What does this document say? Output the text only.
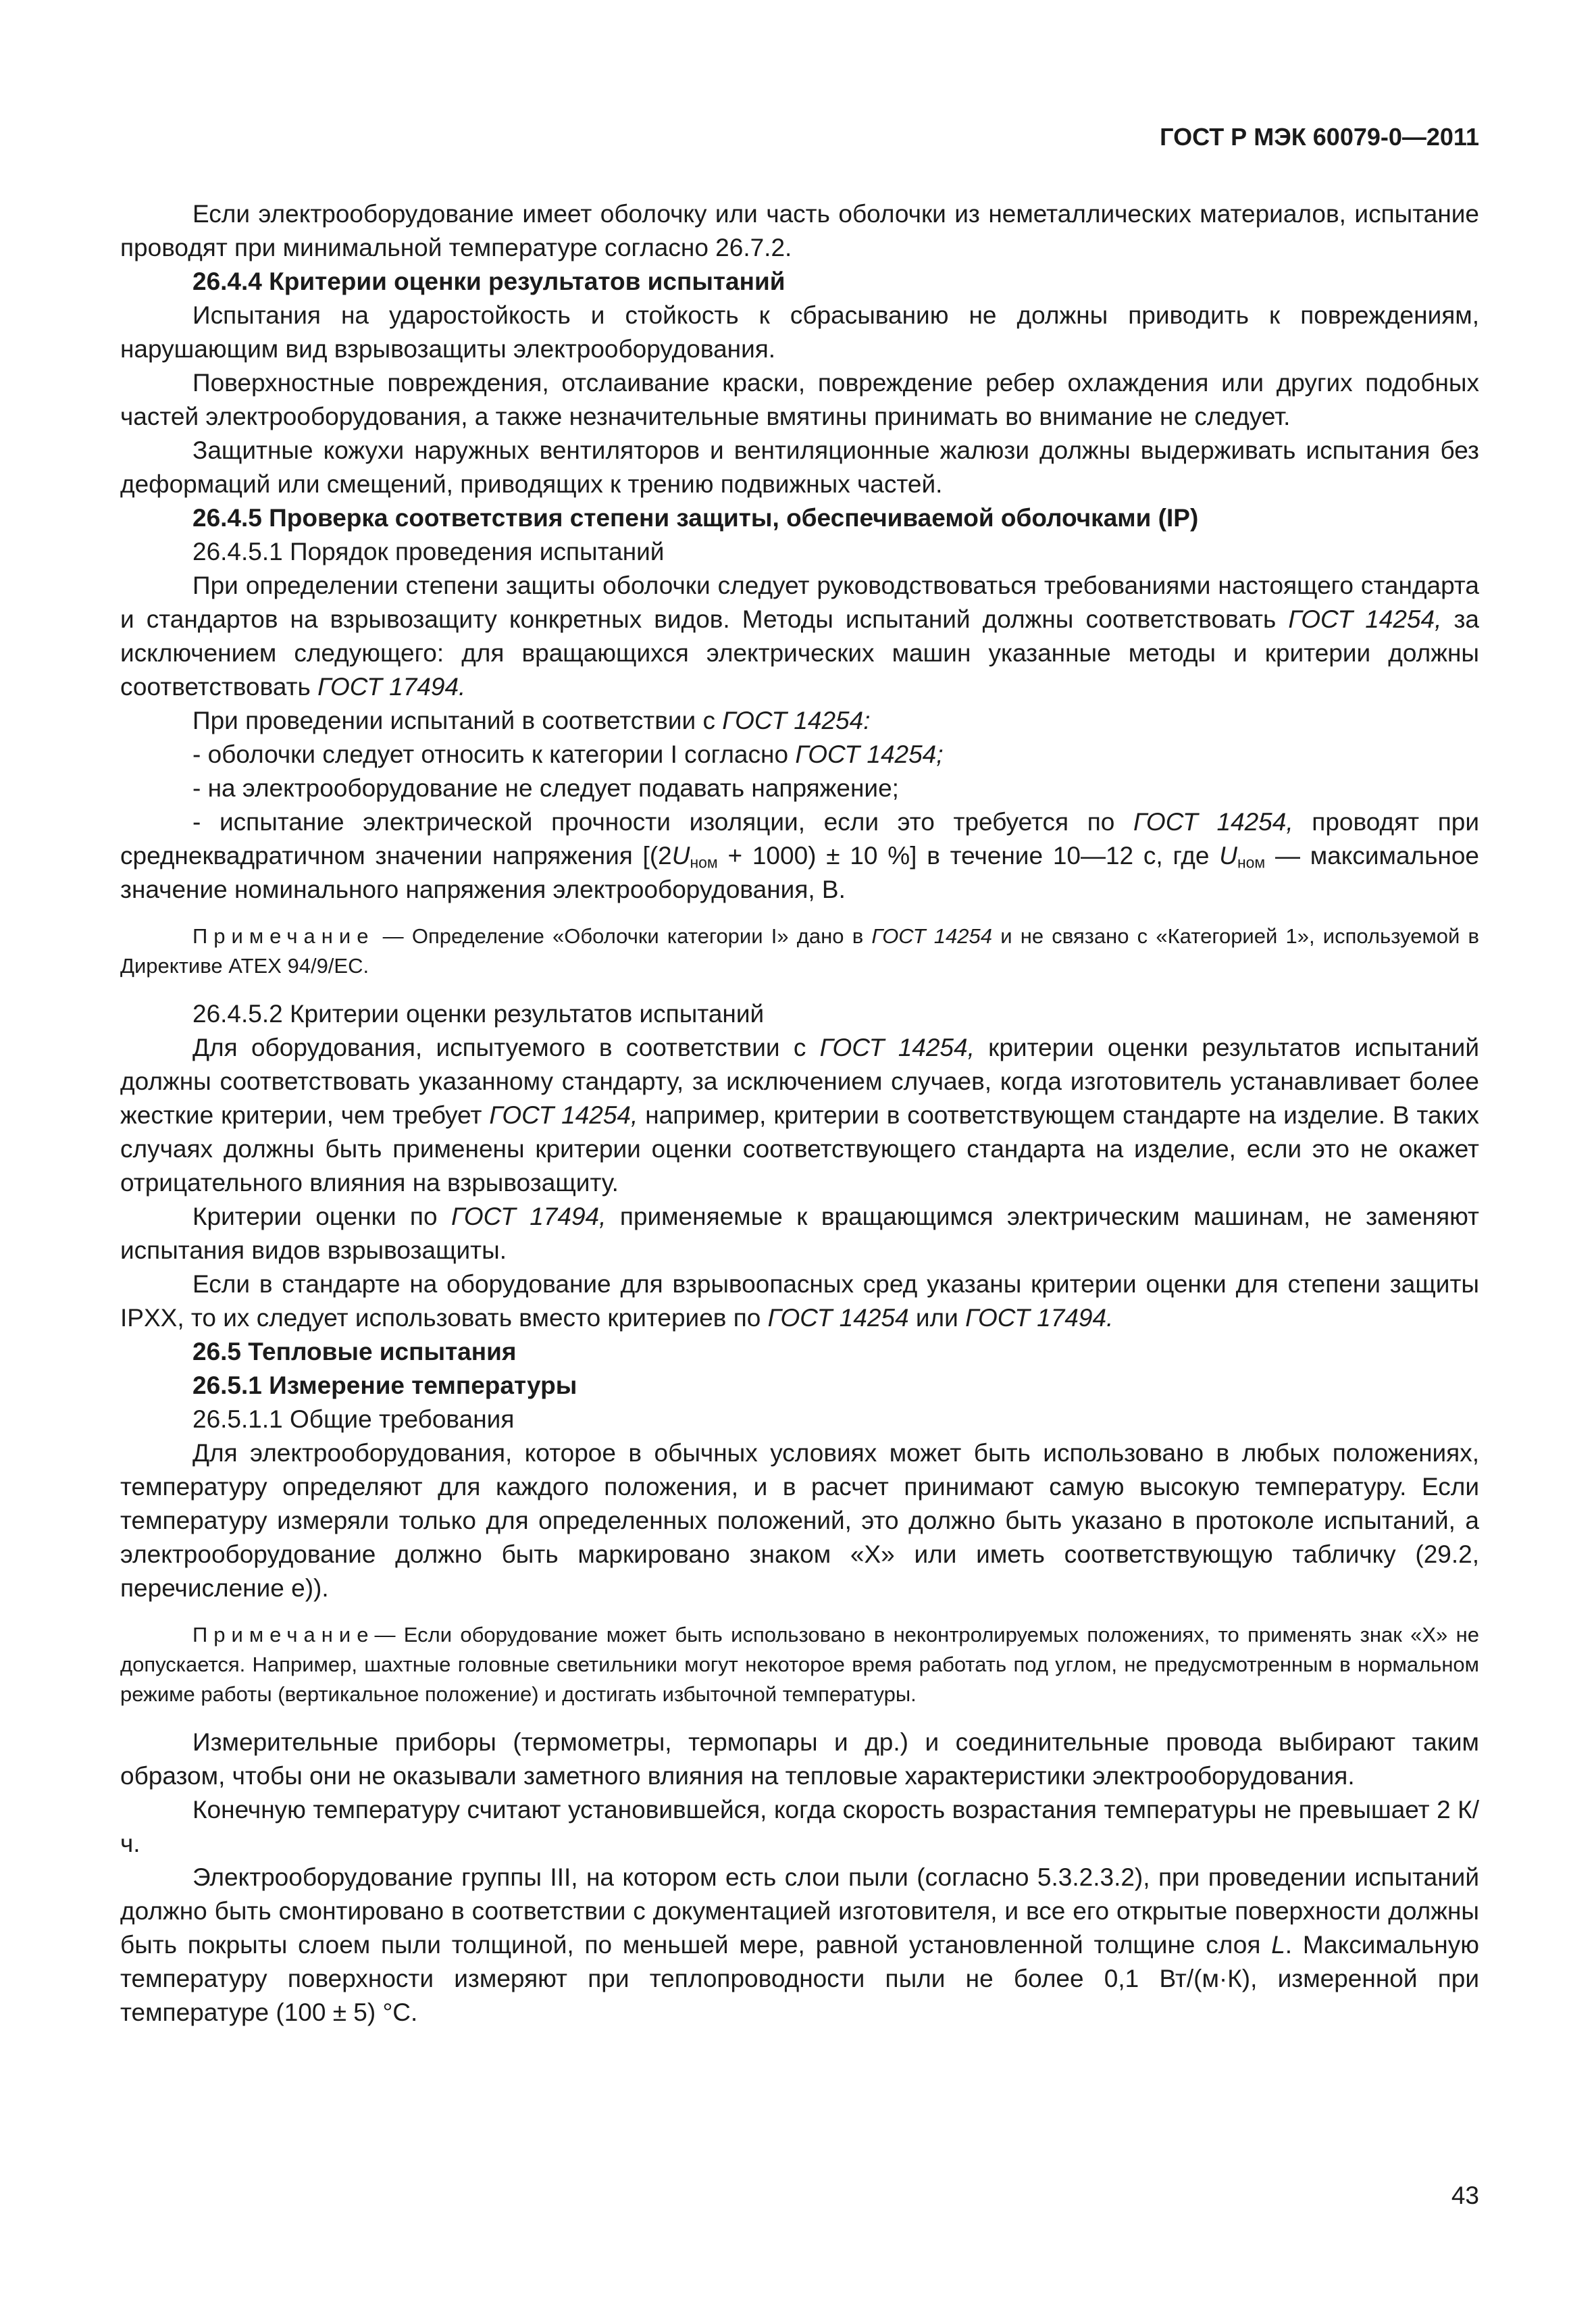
ГОСТ Р МЭК 60079-0—2011

Если электрооборудование имеет оболочку или часть оболочки из неметаллических материалов, испытание проводят при минимальной температуре согласно 26.7.2.

26.4.4 Критерии оценки результатов испытаний

Испытания на ударостойкость и стойкость к сбрасыванию не должны приводить к повреждениям, нарушающим вид взрывозащиты электрооборудования.

Поверхностные повреждения, отслаивание краски, повреждение ребер охлаждения или других подобных частей электрооборудования, а также незначительные вмятины принимать во внимание не следует.

Защитные кожухи наружных вентиляторов и вентиляционные жалюзи должны выдерживать испытания без деформаций или смещений, приводящих к трению подвижных частей.

26.4.5 Проверка соответствия степени защиты, обеспечиваемой оболочками (IP)

26.4.5.1 Порядок проведения испытаний

При определении степени защиты оболочки следует руководствоваться требованиями настоящего стандарта и стандартов на взрывозащиту конкретных видов. Методы испытаний должны соответствовать ГОСТ 14254, за исключением следующего: для вращающихся электрических машин указанные методы и критерии должны соответствовать ГОСТ 17494.

При проведении испытаний в соответствии с ГОСТ 14254:

- оболочки следует относить к категории I согласно ГОСТ 14254;

- на электрооборудование не следует подавать напряжение;

- испытание электрической прочности изоляции, если это требуется по ГОСТ 14254, проводят при среднеквадратичном значении напряжения [$(2U_{ном} + 1000) \pm 10$ %] в течение 10—12 с, где $U_{ном}$ — максимальное значение номинального напряжения электрооборудования, В.

Примечание — Определение «Оболочки категории I» дано в ГОСТ 14254 и не связано с «Категорией 1», используемой в Директиве ATEX 94/9/ЕС.

26.4.5.2 Критерии оценки результатов испытаний

Для оборудования, испытуемого в соответствии с ГОСТ 14254, критерии оценки результатов испытаний должны соответствовать указанному стандарту, за исключением случаев, когда изготовитель устанавливает более жесткие критерии, чем требует ГОСТ 14254, например, критерии в соответствующем стандарте на изделие. В таких случаях должны быть применены критерии оценки соответствующего стандарта на изделие, если это не окажет отрицательного влияния на взрывозащиту.

Критерии оценки по ГОСТ 17494, применяемые к вращающимся электрическим машинам, не заменяют испытания видов взрывозащиты.

Если в стандарте на оборудование для взрывоопасных сред указаны критерии оценки для степени защиты IPXX, то их следует использовать вместо критериев по ГОСТ 14254 или ГОСТ 17494.

26.5 Тепловые испытания

26.5.1 Измерение температуры

26.5.1.1 Общие требования

Для электрооборудования, которое в обычных условиях может быть использовано в любых положениях, температуру определяют для каждого положения, и в расчет принимают самую высокую температуру. Если температуру измеряли только для определенных положений, это должно быть указано в протоколе испытаний, а электрооборудование должно быть маркировано знаком «X» или иметь соответствующую табличку (29.2, перечисление е)).

Примечание— Если оборудование может быть использовано в неконтролируемых положениях, то применять знак «X» не допускается. Например, шахтные головные светильники могут некоторое время работать под углом, не предусмотренным в нормальном режиме работы (вертикальное положение) и достигать избыточной температуры.

Измерительные приборы (термометры, термопары и др.) и соединительные провода выбирают таким образом, чтобы они не оказывали заметного влияния на тепловые характеристики электрооборудования.

Конечную температуру считают установившейся, когда скорость возрастания температуры не превышает 2 К/ч.

Электрооборудование группы III, на котором есть слои пыли (согласно 5.3.2.3.2), при проведении испытаний должно быть смонтировано в соответствии с документацией изготовителя, и все его открытые поверхности должны быть покрыты слоем пыли толщиной, по меньшей мере, равной установленной толщине слоя L. Максимальную температуру поверхности измеряют при теплопроводности пыли не более 0,1 Вт/(м·К), измеренной при температуре (100 ± 5) °С.

43
